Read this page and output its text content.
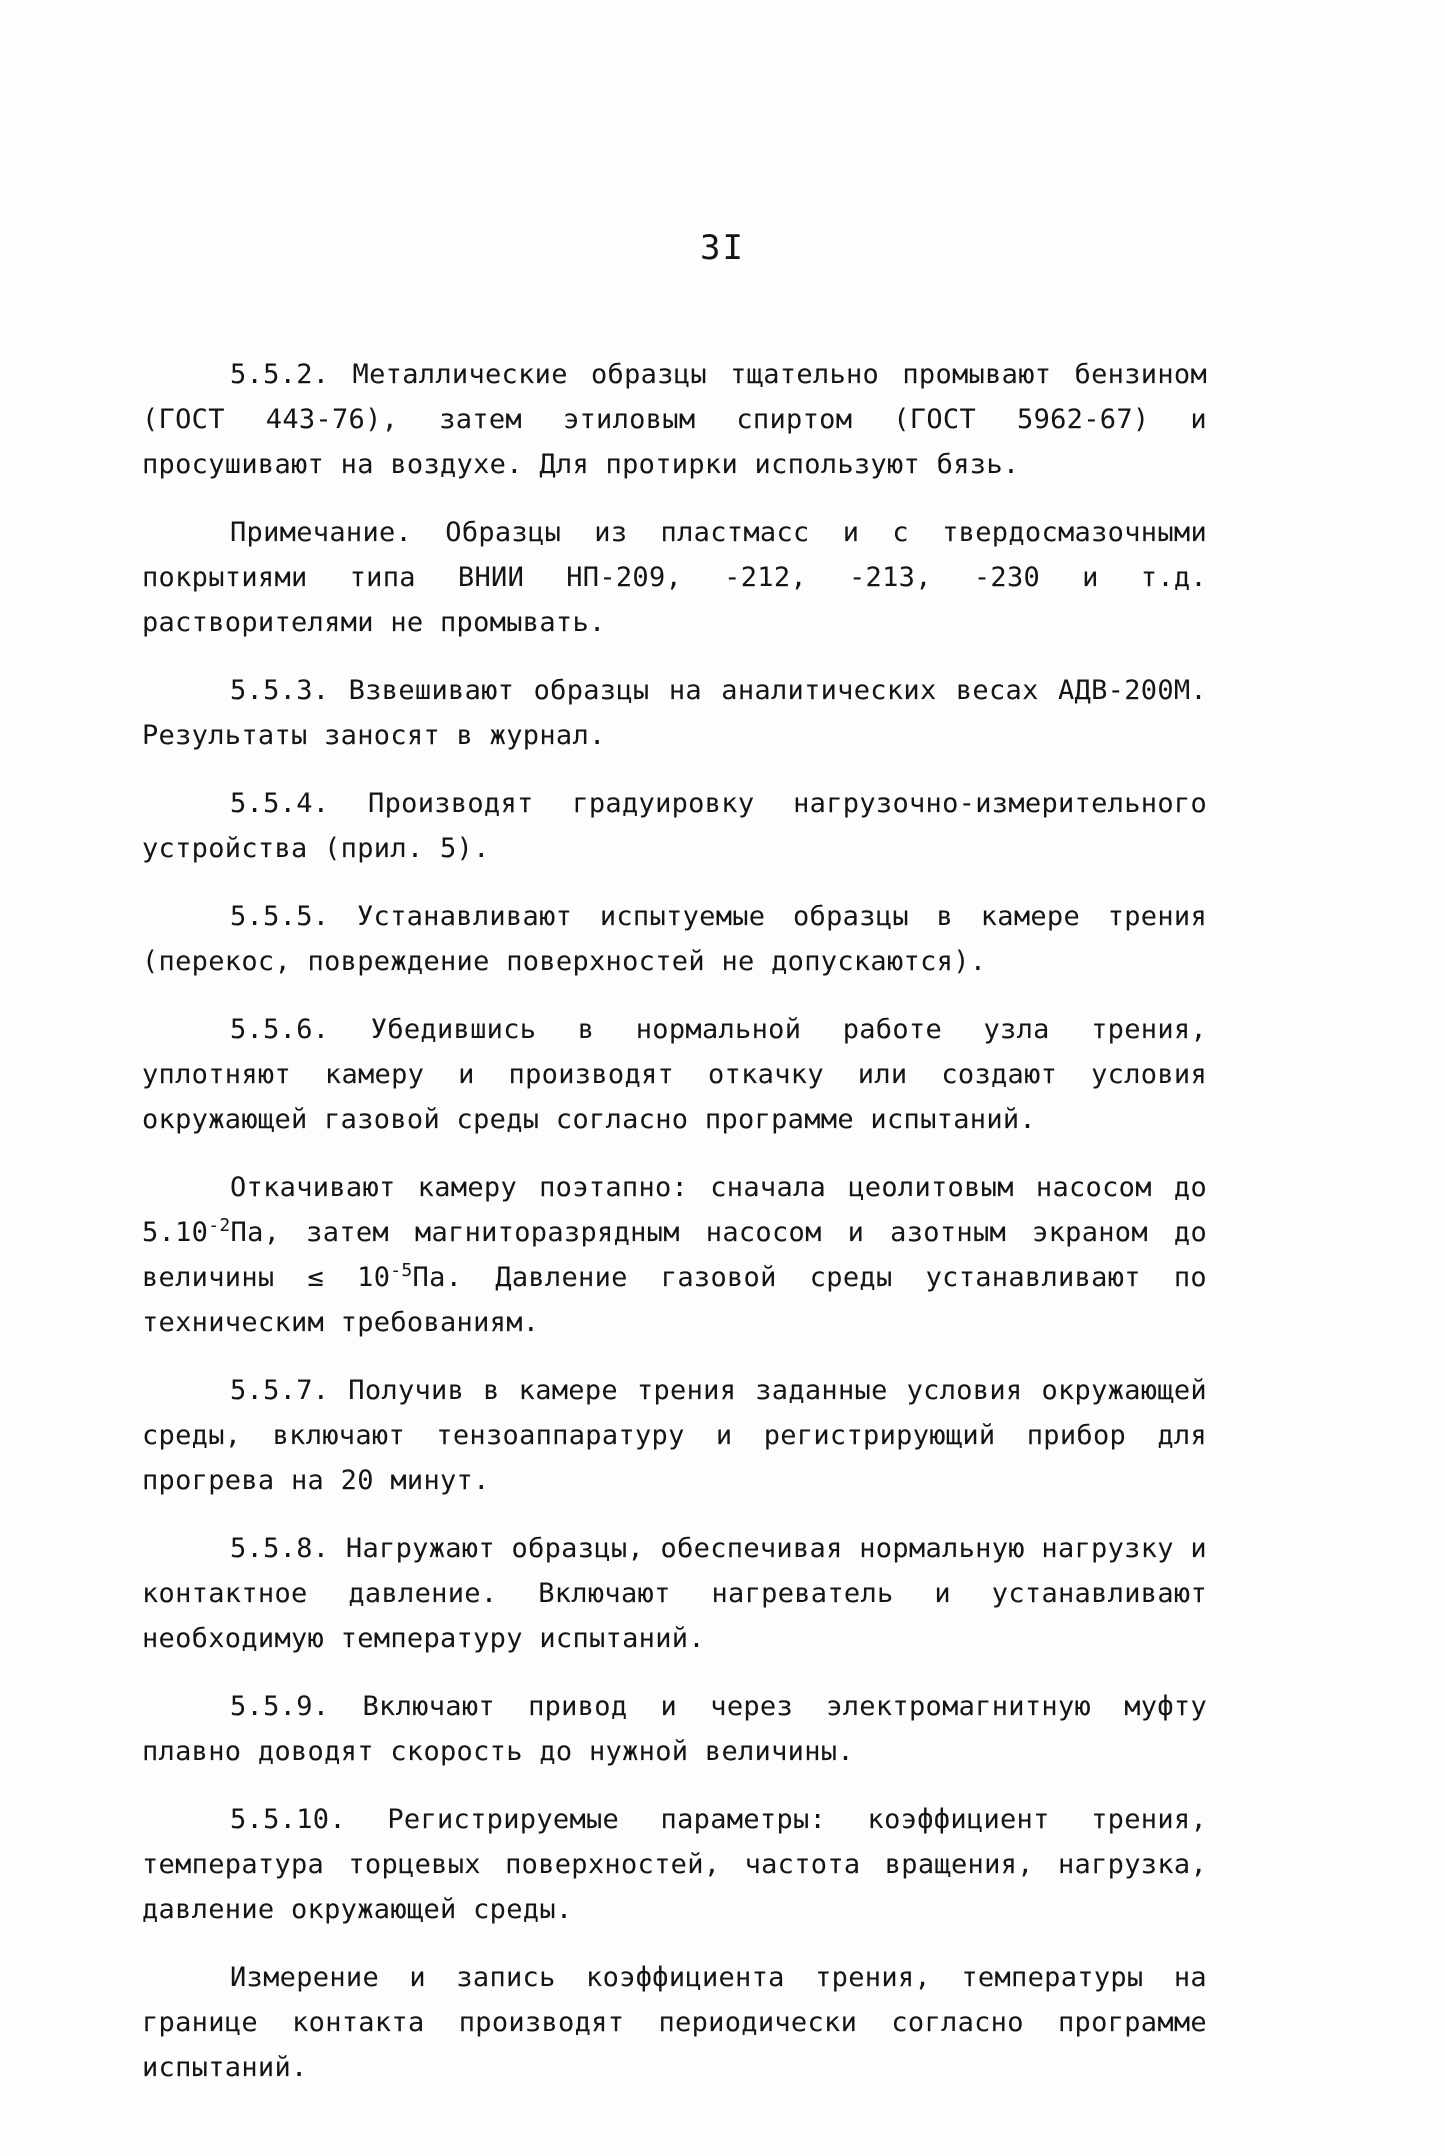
3I

5.5.2. Металлические образцы тщательно промывают бензином (ГОСТ 443-76), затем этиловым спиртом (ГОСТ 5962-67) и просушивают на воздухе. Для протирки используют бязь.

Примечание. Образцы из пластмасс и с твердосмазочными покрытиями типа ВНИИ НП-209, -212, -213, -230 и т.д. растворителями не промывать.

5.5.3. Взвешивают образцы на аналитических весах АДВ-200М. Результаты заносят в журнал.

5.5.4. Производят градуировку нагрузочно-измерительного устройства (прил. 5).

5.5.5. Устанавливают испытуемые образцы в камере трения (перекос, повреждение поверхностей не допускаются).

5.5.6. Убедившись в нормальной работе узла трения, уплотняют камеру и производят откачку или создают условия окружающей газовой среды согласно программе испытаний.

Откачивают камеру поэтапно: сначала цеолитовым насосом до $5.10^{-2}Па$, затем магниторазрядным насосом и азотным экраном до величины ≤ $10^{-5}Па$. Давление газовой среды устанавливают по техническим требованиям.

5.5.7. Получив в камере трения заданные условия окружающей среды, включают тензоаппаратуру и регистрирующий прибор для прогрева на 20 минут.

5.5.8. Нагружают образцы, обеспечивая нормальную нагрузку и контактное давление. Включают нагреватель и устанавливают необходимую температуру испытаний.

5.5.9. Включают привод и через электромагнитную муфту плавно доводят скорость до нужной величины.

5.5.10. Регистрируемые параметры: коэффициент трения, температура торцевых поверхностей, частота вращения, нагрузка, давление окружающей среды.

Измерение и запись коэффициента трения, температуры на границе контакта производят периодически согласно программе испытаний.
